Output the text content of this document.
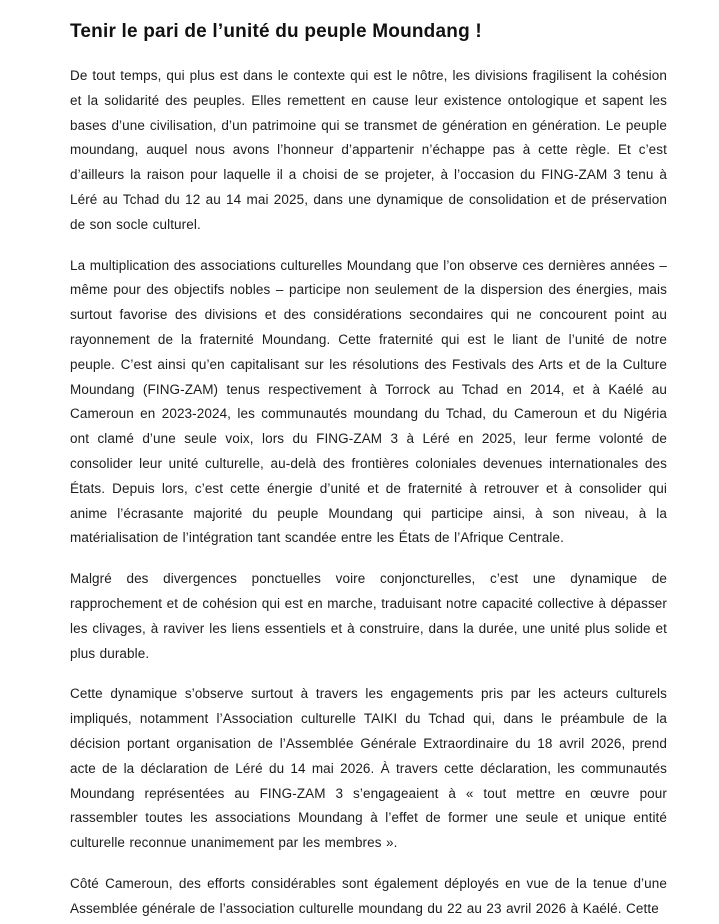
Tenir le pari de l’unité du peuple Moundang !

De tout temps, qui plus est dans le contexte qui est le nôtre, les divisions fragilisent la cohésion et la solidarité des peuples. Elles remettent en cause leur existence ontologique et sapent les bases d’une civilisation, d’un patrimoine qui se transmet de génération en génération. Le peuple moundang, auquel nous avons l’honneur d’appartenir n’échappe pas à cette règle. Et c’est d’ailleurs la raison pour laquelle il a choisi de se projeter, à l’occasion du FING-ZAM 3 tenu à Léré au Tchad du 12 au 14 mai 2025, dans une dynamique de consolidation et de préservation de son socle culturel.

La multiplication des associations culturelles Moundang que l’on observe ces dernières années – même pour des objectifs nobles – participe non seulement de la dispersion des énergies, mais surtout favorise des divisions et des considérations secondaires qui ne concourent point au rayonnement de la fraternité Moundang. Cette fraternité qui est le liant de l’unité de notre peuple. C’est ainsi qu’en capitalisant sur les résolutions des Festivals des Arts et de la Culture Moundang (FING-ZAM) tenus respectivement à Torrock au Tchad en 2014, et à Kaélé au Cameroun en 2023-2024, les communautés moundang du Tchad, du Cameroun et du Nigéria ont clamé d’une seule voix, lors du FING-ZAM 3 à Léré en 2025, leur ferme volonté de consolider leur unité culturelle, au-delà des frontières coloniales devenues internationales des États. Depuis lors, c’est cette énergie d’unité et de fraternité à retrouver et à consolider qui anime l’écrasante majorité du peuple Moundang qui participe ainsi, à son niveau, à la matérialisation de l’intégration tant scandée entre les États de l’Afrique Centrale.

Malgré des divergences ponctuelles voire conjoncturelles, c’est une dynamique de rapprochement et de cohésion qui est en marche, traduisant notre capacité collective à dépasser les clivages, à raviver les liens essentiels et à construire, dans la durée, une unité plus solide et plus durable.

Cette dynamique s’observe surtout à travers les engagements pris par les acteurs culturels impliqués, notamment l’Association culturelle TAIKI du Tchad qui, dans le préambule de la décision portant organisation de l’Assemblée Générale Extraordinaire du 18 avril 2026, prend acte de la déclaration de Léré du 14 mai 2026. À travers cette déclaration, les communautés Moundang représentées au FING-ZAM 3 s’engageaient à « tout mettre en œuvre pour rassembler toutes les associations Moundang à l’effet de former une seule et unique entité culturelle reconnue unanimement par les membres ».

Côté Cameroun, des efforts considérables sont également déployés en vue de la tenue d’une Assemblée générale de l’association culturelle moundang du 22 au 23 avril 2026 à Kaélé. Cette
